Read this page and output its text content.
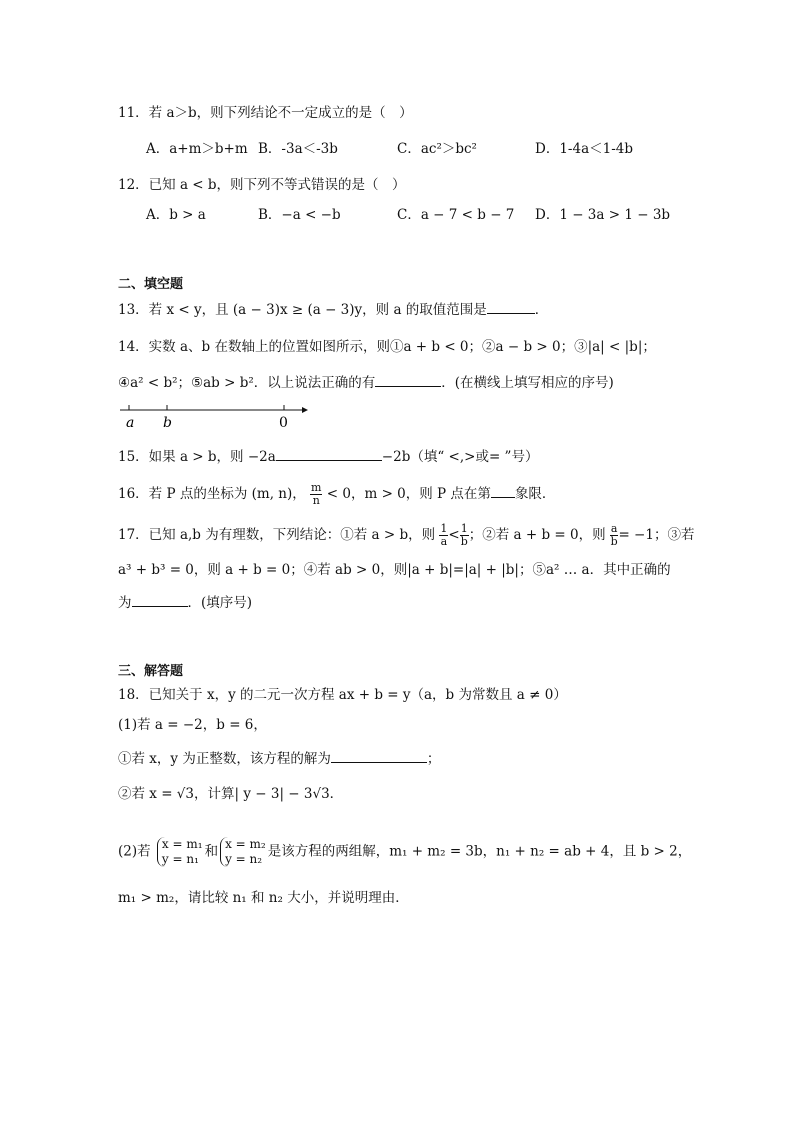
11．若 a＞b，则下列结论不一定成立的是（　）
A．a+m＞b+m B．-3a＜-3b	C．ac²＞bc²	D．1-4a＜1-4b
12．已知 a < b，则下列不等式错误的是（　）
A．b > a	B．−a < −b	C．a − 7 < b − 7 D．1 − 3a > 1 − 3b
二、填空题
13．若 x < y，且 (a − 3)x ≥ (a − 3)y，则 a 的取值范围是	．
14．实数 a、b 在数轴上的位置如图所示，则①a + b < 0；②a − b > 0；③|a| < |b|；
④a² < b²；⑤ab > b²．以上说法正确的有	．(在横线上填写相应的序号)
a b	0
15．如果 a > b，则 −2a	−2b（填“ <,>或= ”号）
16．若 P 点的坐标为 (m, n)， $\frac{m}{n} < 0$，m > 0，则 P 点在第 象限．
17．已知 a,b 为有理数，下列结论：①若 a > b，则 $\frac{1}{a} < \frac{1}{b}$ ；②若 a + b = 0，则 $\frac{a}{b} = -1$；③若
a³ + b³ = 0，则 a + b = 0；④若 ab > 0，则|a + b|=|a| + |b|；⑤a² … a．其中正确的
为	．(填序号)
三、解答题
18．已知关于 x，y 的二元一次方程 ax + b = y（a，b 为常数且 a ≠ 0）
(1)若 a = −2，b = 6，
①若 x，y 为正整数，该方程的解为	；
②若 x = √3，计算| y − 3| − 3√3．
(2)若 x = m₁
y = n₁ 和 x = m₂
y = n₂ 是该方程的两组解，m₁ + m₂ = 3b，n₁ + n₂ = ab + 4，且 b > 2，
m₁ > m₂，请比较 n₁ 和 n₂ 大小，并说明理由．
